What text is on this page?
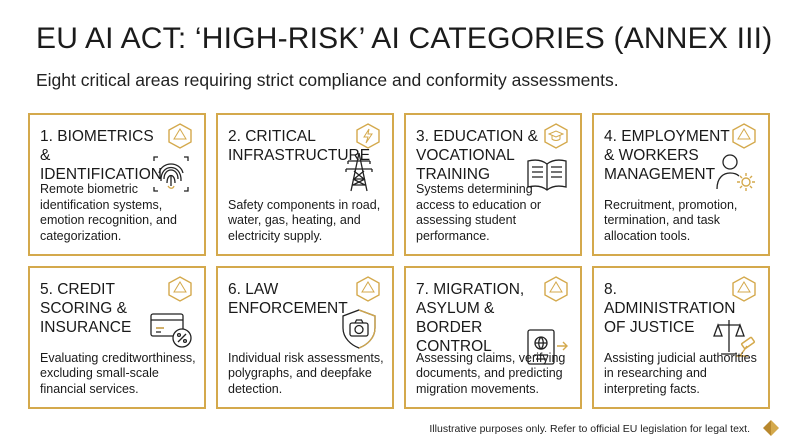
EU AI ACT: ‘HIGH-RISK’ AI CATEGORIES (ANNEX III)
Eight critical areas requiring strict compliance and conformity assessments.
1. BIOMETRICS & IDENTIFICATION
Remote biometric identification systems, emotion recognition, and categorization.
2. CRITICAL INFRASTRUCTURE
Safety components in road, water, gas, heating, and electricity supply.
3. EDUCATION & VOCATIONAL TRAINING
Systems determining access to education or assessing student performance.
4. EMPLOYMENT & WORKERS MANAGEMENT
Recruitment, promotion, termination, and task allocation tools.
5. CREDIT SCORING & INSURANCE
Evaluating creditworthiness, excluding small-scale financial services.
6. LAW ENFORCEMENT
Individual risk assessments, polygraphs, and deepfake detection.
7. MIGRATION, ASYLUM & BORDER CONTROL
Assessing claims, verifying documents, and predicting migration movements.
8. ADMINISTRATION OF JUSTICE
Assisting judicial authorities in researching and interpreting facts.
Illustrative purposes only. Refer to official EU legislation for legal text.
